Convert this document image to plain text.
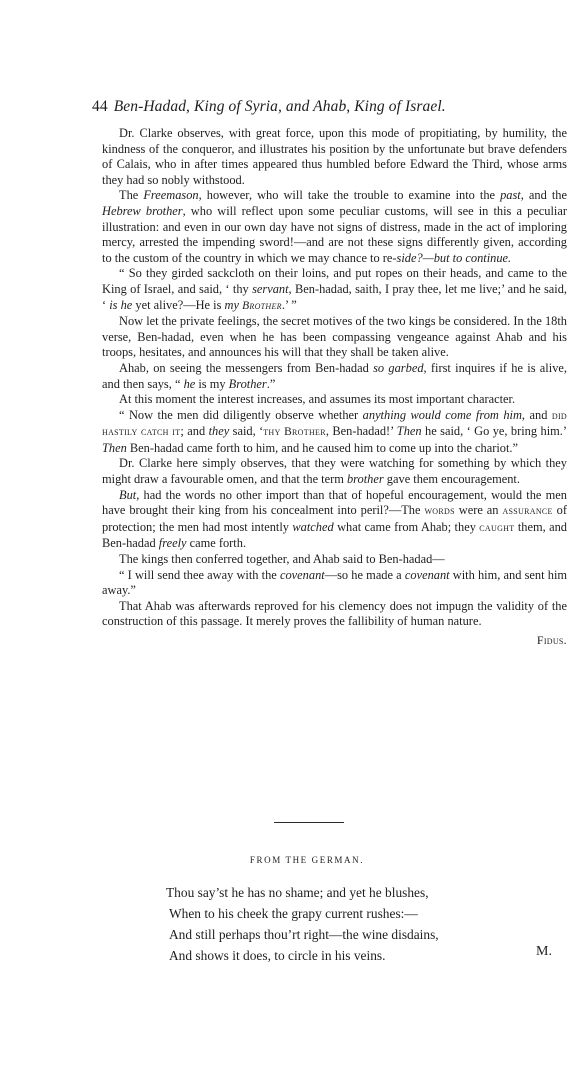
44 Ben-Hadad, King of Syria, and Ahab, King of Israel.

Dr. Clarke observes, with great force, upon this mode of propitiating, by humility, the kindness of the conqueror, and illustrates his position by the unfortunate but brave defenders of Calais, who in after times appeared thus humbled before Edward the Third, whose arms they had so nobly withstood.

The Freemason, however, who will take the trouble to examine into the past, and the Hebrew brother, who will reflect upon some peculiar customs, will see in this a peculiar illustration: and even in our own day have not signs of distress, made in the act of imploring mercy, arrested the impending sword!—and are not these signs differently given, according to the custom of the country in which we may chance to re-side?—but to continue.

“ So they girded sackcloth on their loins, and put ropes on their heads, and came to the King of Israel, and said, ‘ thy servant, Ben-hadad, saith, I pray thee, let me live;’ and he said, ‘ is he yet alive?—He is my Brother.’ ”

Now let the private feelings, the secret motives of the two kings be considered. In the 18th verse, Ben-hadad, even when he has been compassing vengeance against Ahab and his troops, hesitates, and announces his will that they shall be taken alive.

Ahab, on seeing the messengers from Ben-hadad so garbed, first inquires if he is alive, and then says, “ he is my Brother.”

At this moment the interest increases, and assumes its most important character.

“ Now the men did diligently observe whether anything would come from him, and did hastily catch it; and they said, ‘thy Brother, Ben-hadad!’ Then he said, ‘ Go ye, bring him.’ Then Ben-hadad came forth to him, and he caused him to come up into the chariot.”

Dr. Clarke here simply observes, that they were watching for something by which they might draw a favourable omen, and that the term brother gave them encouragement.

But, had the words no other import than that of hopeful encouragement, would the men have brought their king from his concealment into peril?—The words were an assurance of protection; the men had most intently watched what came from Ahab; they caught them, and Ben-hadad freely came forth.

The kings then conferred together, and Ahab said to Ben-hadad—

“ I will send thee away with the covenant—so he made a covenant with him, and sent him away.”

That Ahab was afterwards reproved for his clemency does not impugn the validity of the construction of this passage. It merely proves the fallibility of human nature.

Fidus.

FROM THE GERMAN.
Thou say’st he has no shame; and yet he blushes,
When to his cheek the grapy current rushes:—
And still perhaps thou’rt right—the wine disdains,
And shows it does, to circle in his veins.	M.
